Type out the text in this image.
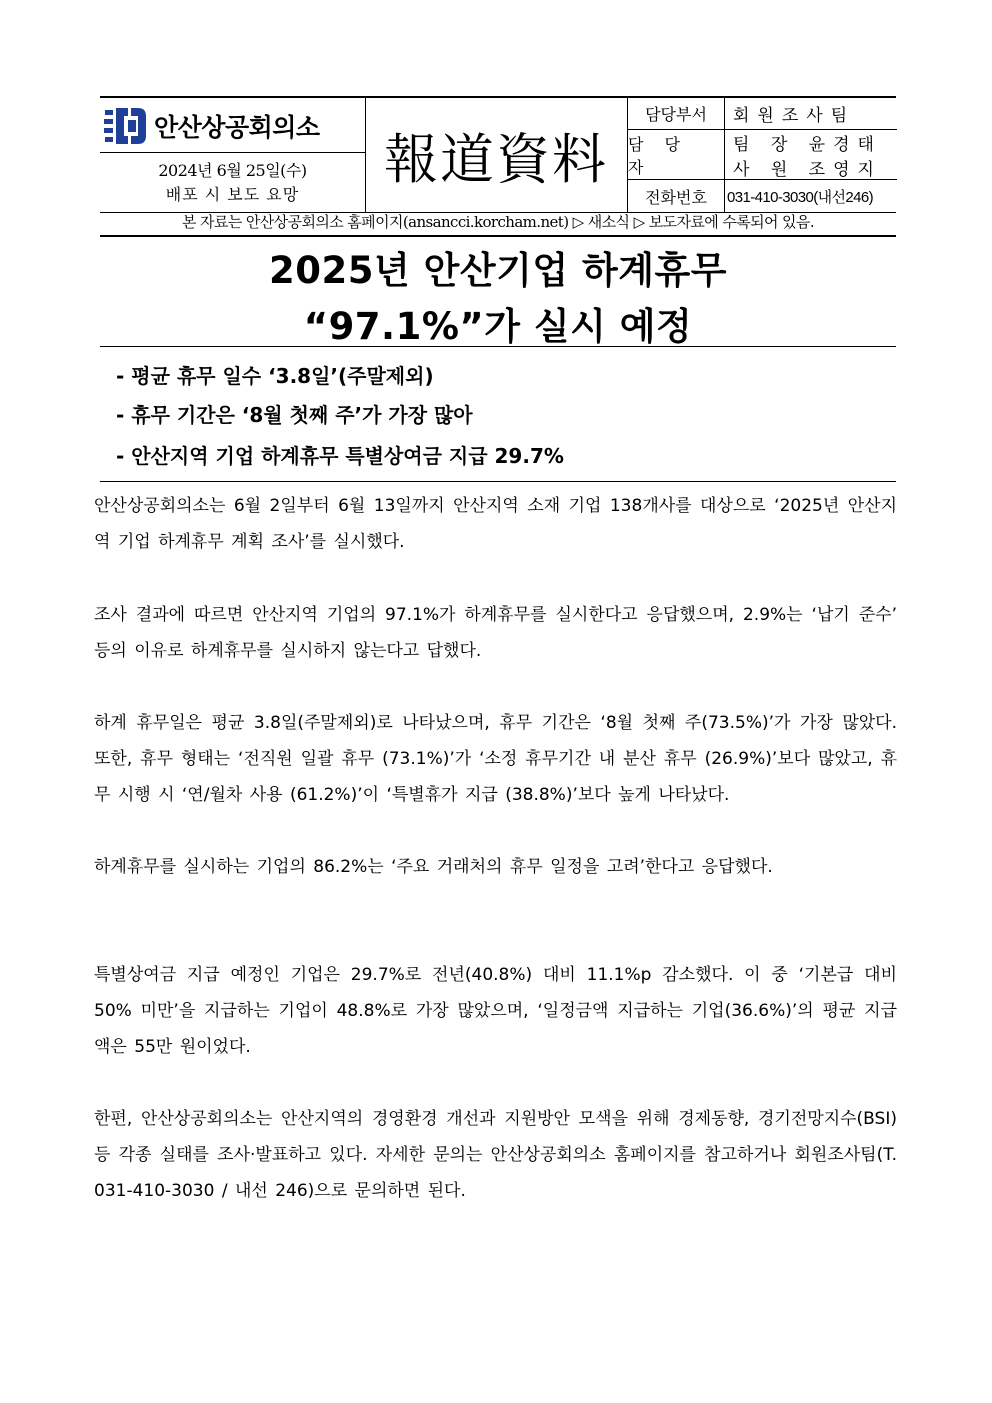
안산상공회의소
2024년 6월 25일(수)
배포 시 보도 요망
報道資料
담당부서	회원조사팀
담 당 자
팀 장 윤경태
사 원 조영지
전화번호	031-410-3030(내선246)
본 자료는 안산상공회의소 홈페이지(ansancci.korcham.net) ▷ 새소식 ▷ 보도자료에 수록되어 있음.
2025년 안산기업 하계휴무
“97.1%”가 실시 예정
- 평균 휴무 일수 ‘3.8일’(주말제외)
- 휴무 기간은 ‘8월 첫째 주’가 가장 많아
- 안산지역 기업 하계휴무 특별상여금 지급 29.7%

안산상공회의소는 6월 2일부터 6월 13일까지 안산지역 소재 기업 138개사를 대상으로 ‘2025년 안산지역 기업 하계휴무 계획 조사’를 실시했다.

조사 결과에 따르면 안산지역 기업의 97.1%가 하계휴무를 실시한다고 응답했으며, 2.9%는 ‘납기 준수’ 등의 이유로 하계휴무를 실시하지 않는다고 답했다.

하계 휴무일은 평균 3.8일(주말제외)로 나타났으며, 휴무 기간은 ‘8월 첫째 주(73.5%)’가 가장 많았다. 또한, 휴무 형태는 ‘전직원 일괄 휴무 (73.1%)’가 ‘소정 휴무기간 내 분산 휴무 (26.9%)’보다 많았고, 휴무 시행 시 ‘연/월차 사용 (61.2%)’이 ‘특별휴가 지급 (38.8%)’보다 높게 나타났다.

하계휴무를 실시하는 기업의 86.2%는 ‘주요 거래처의 휴무 일정을 고려’한다고 응답했다.

특별상여금 지급 예정인 기업은 29.7%로 전년(40.8%) 대비 11.1%p 감소했다. 이 중 ‘기본급 대비 50% 미만’을 지급하는 기업이 48.8%로 가장 많았으며, ‘일정금액 지급하는 기업(36.6%)’의 평균 지급액은 55만 원이었다.

한편, 안산상공회의소는 안산지역의 경영환경 개선과 지원방안 모색을 위해 경제동향, 경기전망지수(BSI) 등 각종 실태를 조사·발표하고 있다. 자세한 문의는 안산상공회의소 홈페이지를 참고하거나 회원조사팀(T. 031-410-3030 / 내선 246)으로 문의하면 된다.
